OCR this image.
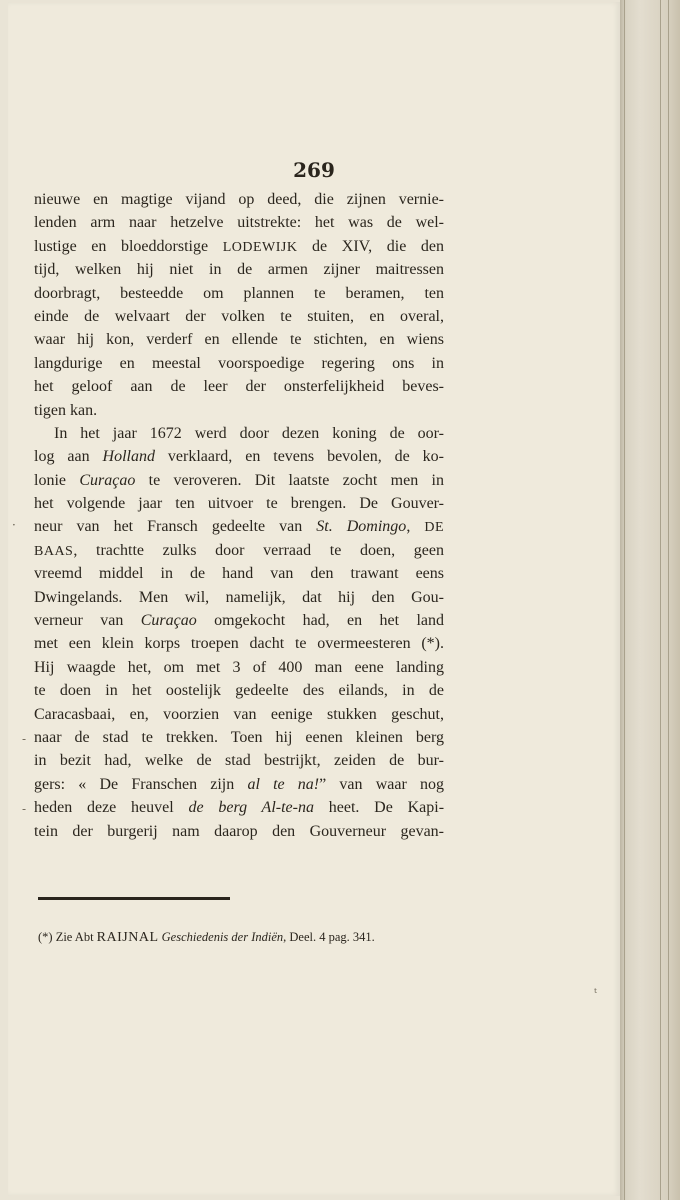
269
nieuwe en magtige vijand op deed, die zijnen vernie-
lenden arm naar hetzelve uitstrekte: het was de wel-
lustige en bloeddorstige LODEWIJK de XIV, die den
tijd, welken hij niet in de armen zijner maitressen
doorbragt, besteedde om plannen te beramen, ten
einde de welvaart der volken te stuiten, en overal,
waar hij kon, verderf en ellende te stichten, en wiens
langdurige en meestal voorspoedige regering ons in
het geloof aan de leer der onsterfelijkheid beves-
tigen kan.
In het jaar 1672 werd door dezen koning de oor-
log aan Holland verklaard, en tevens bevolen, de ko-
lonie Curaçao te veroveren. Dit laatste zocht men in
het volgende jaar ten uitvoer te brengen. De Gouver-
neur van het Fransch gedeelte van St. Domingo, DE
BAAS, trachtte zulks door verraad te doen, geen
vreemd middel in de hand van den trawant eens
Dwingelands. Men wil, namelijk, dat hij den Gou-
verneur van Curaçao omgekocht had, en het land
met een klein korps troepen dacht te overmeesteren (*).
Hij waagde het, om met 3 of 400 man eene landing
te doen in het oostelijk gedeelte des eilands, in de
Caracasbaai, en, voorzien van eenige stukken geschut,
naar de stad te trekken. Toen hij eenen kleinen berg
in bezit had, welke de stad bestrijkt, zeiden de bur-
gers: « De Franschen zijn al te na!” van waar nog
heden deze heuvel de berg Al-te-na heet. De Kapi-
tein der burgerij nam daarop den Gouverneur gevan-
(*) Zie Abt RAIJNAL Geschiedenis der Indiën, Deel. 4 pag. 341.
·
-
-
ᵗ
